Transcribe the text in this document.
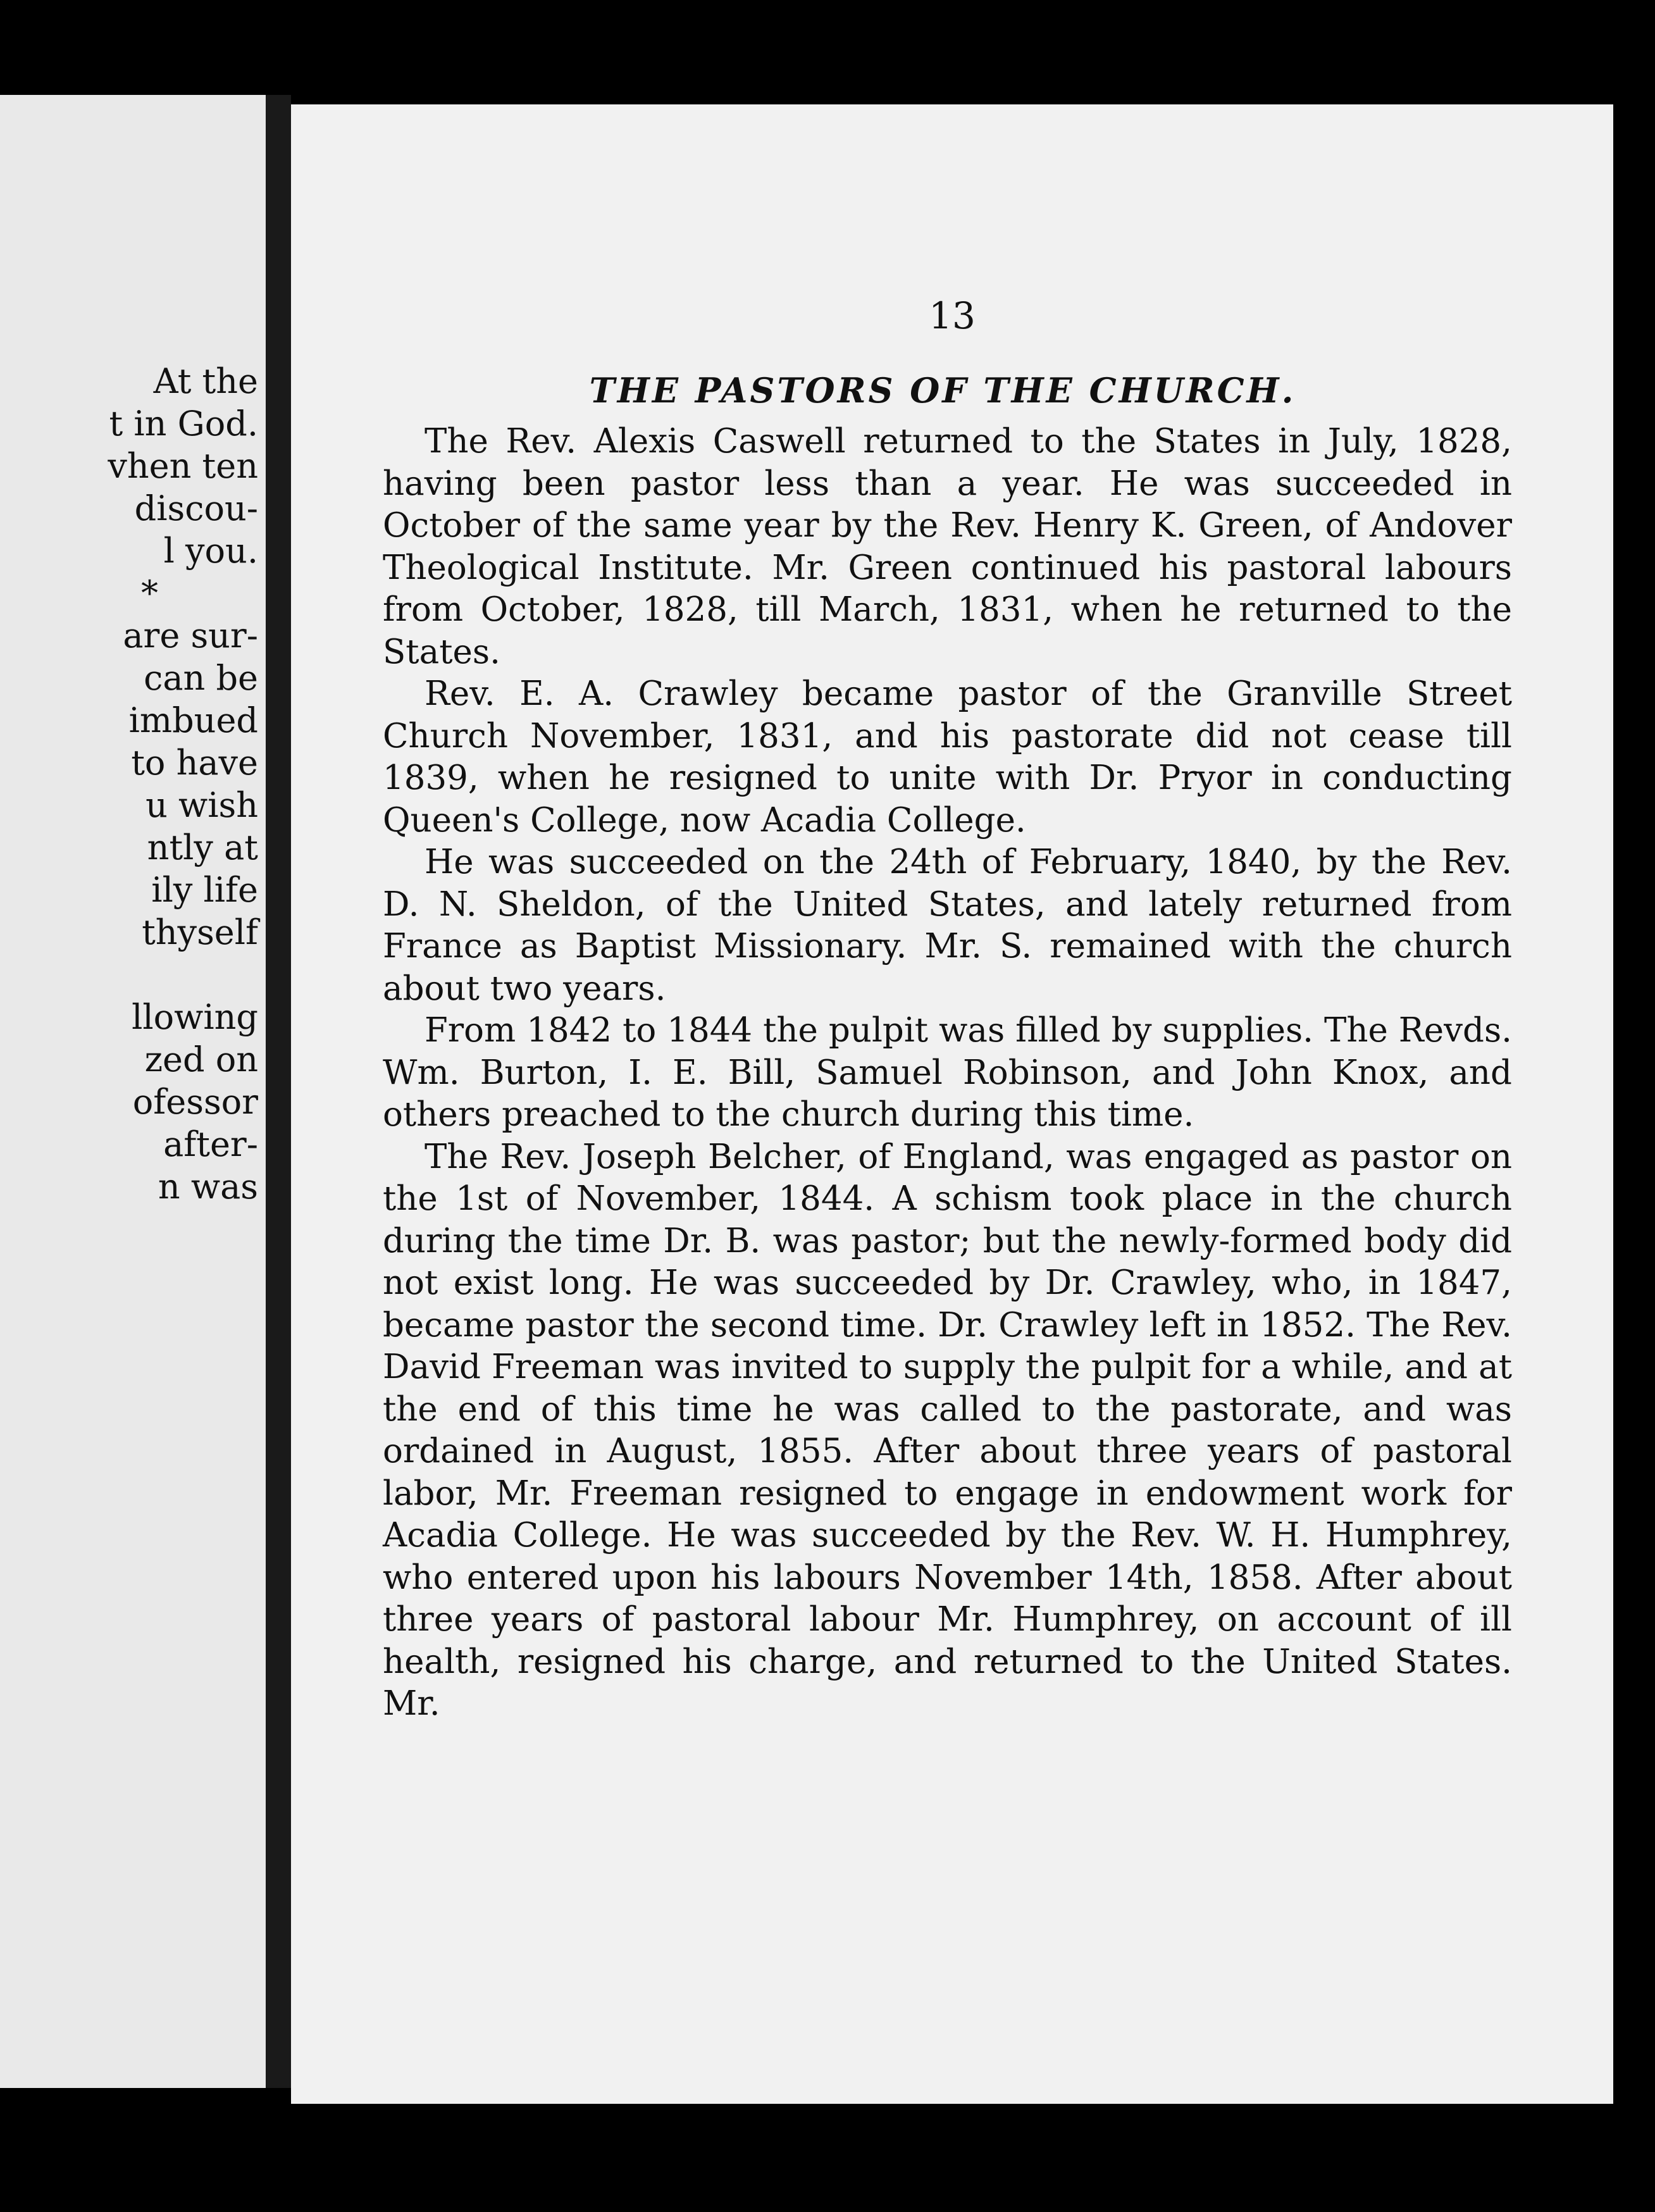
At the

t in God.

vhen ten

discou-

l you.

*

are sur-

can be

imbued

to have

u wish

ntly at

ily life

thyself

llowing

zed on

ofessor

after-

n was

13

THE PASTORS OF THE CHURCH.

The Rev. Alexis Caswell returned to the States in July, 1828, having been pastor less than a year. He was succeeded in October of the same year by the Rev. Henry K. Green, of Andover Theological Institute. Mr. Green continued his pastoral labours from October, 1828, till March, 1831, when he returned to the States.

Rev. E. A. Crawley became pastor of the Granville Street Church November, 1831, and his pastorate did not cease till 1839, when he resigned to unite with Dr. Pryor in conducting Queen's College, now Acadia College.

He was succeeded on the 24th of February, 1840, by the Rev. D. N. Sheldon, of the United States, and lately returned from France as Baptist Missionary. Mr. S. remained with the church about two years.

From 1842 to 1844 the pulpit was filled by supplies. The Revds. Wm. Burton, I. E. Bill, Samuel Robinson, and John Knox, and others preached to the church during this time.

The Rev. Joseph Belcher, of England, was engaged as pastor on the 1st of November, 1844. A schism took place in the church during the time Dr. B. was pastor; but the newly-formed body did not exist long. He was succeeded by Dr. Crawley, who, in 1847, became pastor the second time. Dr. Crawley left in 1852. The Rev. David Freeman was invited to supply the pulpit for a while, and at the end of this time he was called to the pastorate, and was ordained in August, 1855. After about three years of pastoral labor, Mr. Freeman resigned to engage in endowment work for Acadia College. He was succeeded by the Rev. W. H. Humphrey, who entered upon his labours November 14th, 1858. After about three years of pastoral labour Mr. Humphrey, on account of ill health, resigned his charge, and returned to the United States. Mr.
